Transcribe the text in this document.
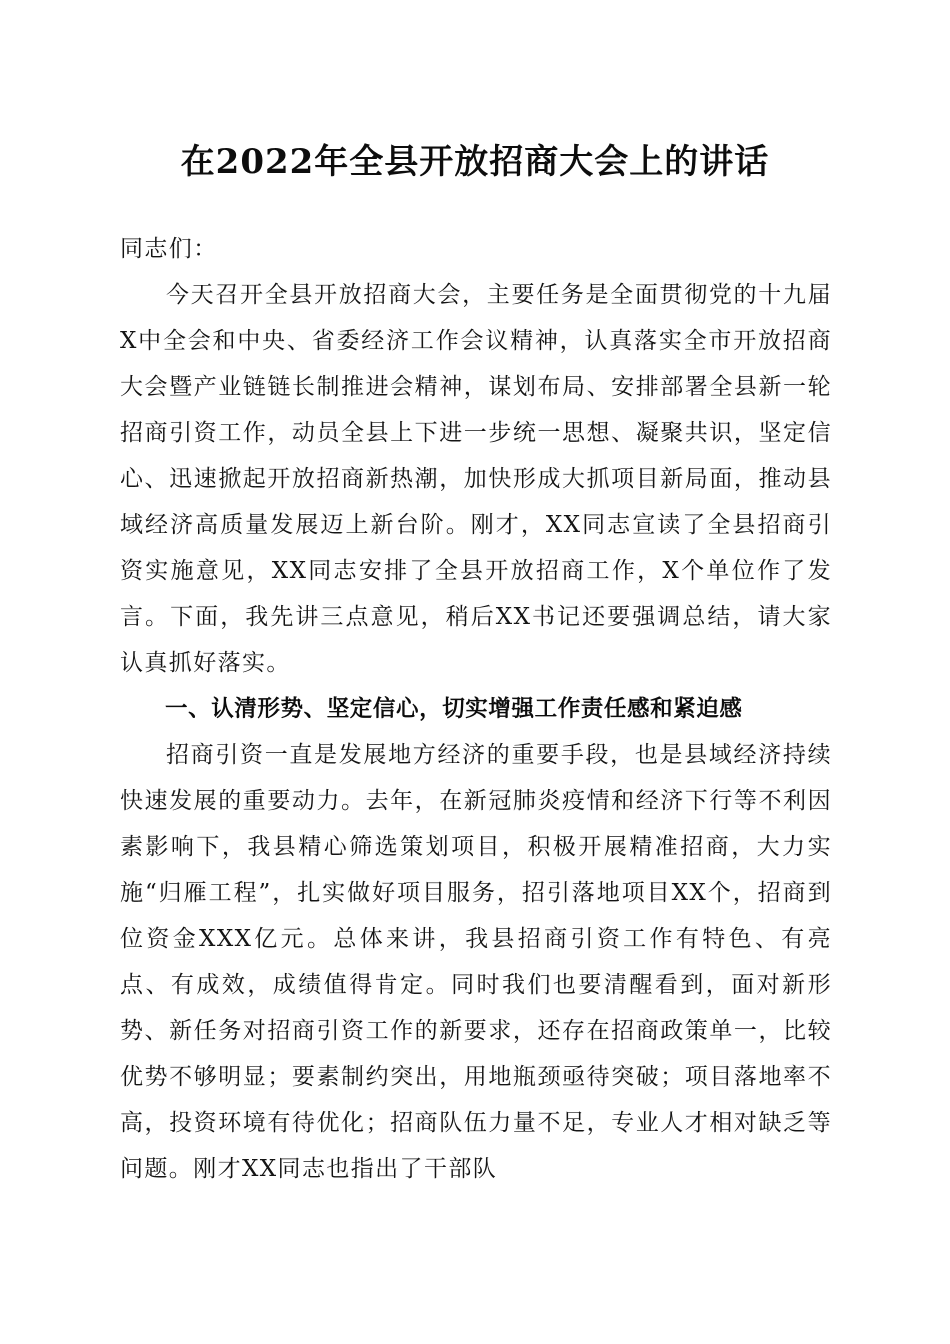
在2022年全县开放招商大会上的讲话

同志们：

今天召开全县开放招商大会，主要任务是全面贯彻党的十九届X中全会和中央、省委经济工作会议精神，认真落实全市开放招商大会暨产业链链长制推进会精神，谋划布局、安排部署全县新一轮招商引资工作，动员全县上下进一步统一思想、凝聚共识，坚定信心、迅速掀起开放招商新热潮，加快形成大抓项目新局面，推动县域经济高质量发展迈上新台阶。刚才，XX同志宣读了全县招商引资实施意见，XX同志安排了全县开放招商工作，X个单位作了发言。下面，我先讲三点意见，稍后XX书记还要强调总结，请大家认真抓好落实。

一、认清形势、坚定信心，切实增强工作责任感和紧迫感

招商引资一直是发展地方经济的重要手段，也是县域经济持续快速发展的重要动力。去年，在新冠肺炎疫情和经济下行等不利因素影响下，我县精心筛选策划项目，积极开展精准招商，大力实施“归雁工程”，扎实做好项目服务，招引落地项目XX个，招商到位资金XXX亿元。总体来讲，我县招商引资工作有特色、有亮点、有成效，成绩值得肯定。同时我们也要清醒看到，面对新形势、新任务对招商引资工作的新要求，还存在招商政策单一，比较优势不够明显；要素制约突出，用地瓶颈亟待突破；项目落地率不高，投资环境有待优化；招商队伍力量不足，专业人才相对缺乏等问题。刚才XX同志也指出了干部队
